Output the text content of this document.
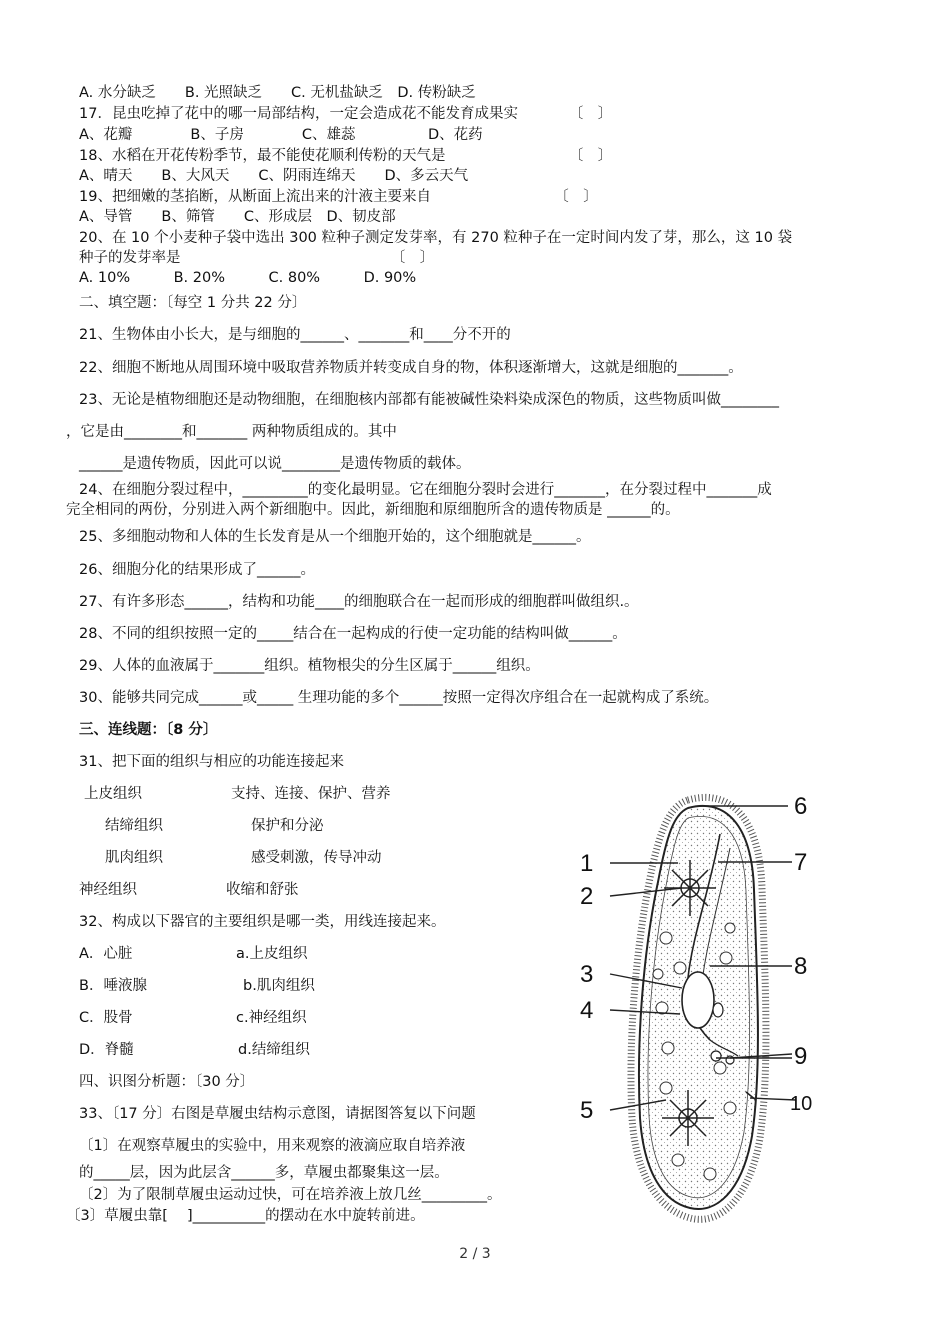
A. 水分缺乏　　B. 光照缺乏　　C. 无机盐缺乏　D. 传粉缺乏
17．昆虫吃掉了花中的哪一局部结构，一定会造成花不能发育成果实　　　　〔　〕
A、花瓣　　　　B、子房　　　　C、雄蕊　　　　　D、花药
18、水稻在开花传粉季节，最不能使花顺利传粉的天气是　　　　　　　　　〔　〕
A、晴天　　B、大风天　　C、阴雨连绵天　　D、多云天气
19、把细嫩的茎掐断，从断面上流出来的汁液主要来自　　　　　　　　　〔　〕
A、导管　　B、筛管　　C、形成层　D、韧皮部
20、在 10 个小麦种子袋中选出 300 粒种子测定发芽率，有 270 粒种子在一定时间内发了芽，那么，这 10 袋
种子的发芽率是　　　　　　　　　　　　　　　〔　〕
A. 10%　　　B. 20%　　　C. 80%　　　D. 90%
二、填空题：〔每空 1 分共 22 分〕
21、生物体由小长大，是与细胞的______、_______和____分不开的
22、细胞不断地从周围环境中吸取营养物质并转变成自身的物，体积逐渐增大，这就是细胞的_______。
23、无论是植物细胞还是动物细胞，在细胞核内部都有能被碱性染料染成深色的物质，这些物质叫做________
，它是由________和_______ 两种物质组成的。其中
______是遗传物质，因此可以说________是遗传物质的载体。
24、在细胞分裂过程中，_________的变化最明显。它在细胞分裂时会进行_______，在分裂过程中_______成
完全相同的两份，分别进入两个新细胞中。因此，新细胞和原细胞所含的遗传物质是 ______的。
25、多细胞动物和人体的生长发育是从一个细胞开始的，这个细胞就是______。
26、细胞分化的结果形成了______。
27、有许多形态______，结构和功能____的细胞联合在一起而形成的细胞群叫做组织.。
28、不同的组织按照一定的_____结合在一起构成的行使一定功能的结构叫做______。
29、人体的血液属于_______组织。植物根尖的分生区属于______组织。
30、能够共同完成______或_____ 生理功能的多个______按照一定得次序组合在一起就构成了系统。
三、连线题：〔8 分〕
31、把下面的组织与相应的功能连接起来
上皮组织	支持、连接、保护、营养
结缔组织	保护和分泌
肌肉组织	感受刺激，传导冲动
神经组织	收缩和舒张
32、构成以下器官的主要组织是哪一类，用线连接起来。
A．心脏	a.上皮组织
B．唾液腺	b.肌肉组织
C．股骨	c.神经组织
D．脊髓	d.结缔组织
四、识图分析题：〔30 分〕
33、〔17 分〕右图是草履虫结构示意图，请据图答复以下问题
〔1〕在观察草履虫的实验中，用来观察的液滴应取自培养液
的_____层，因为此层含______多，草履虫都聚集这一层。
〔2〕为了限制草履虫运动过快，可在培养液上放几丝_________。
〔3〕草履虫靠[　 ]__________的摆动在水中旋转前进。
6
1	7
2
8
3
4
9
5	10
2 / 3
